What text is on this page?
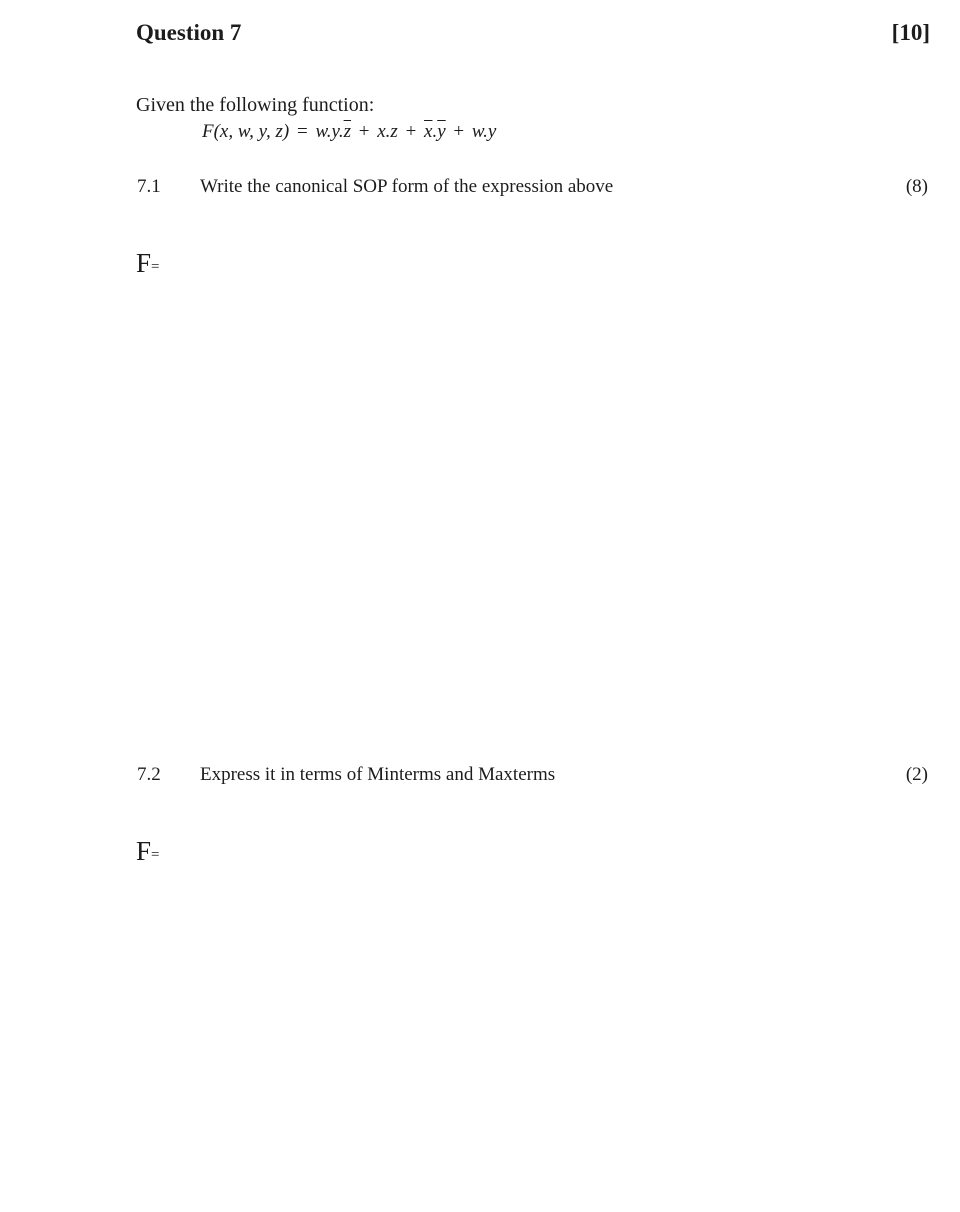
Question 7	[10]
Given the following function:
F(x, w, y, $z) = w.y.\overline{z} + x.z + \overline{x}.\overline{y} + w.y$
7.1 Write the canonical SOP form of the expression above	(8)
F=
7.2 Express it in terms of Minterms and Maxterms	(2)
F=
